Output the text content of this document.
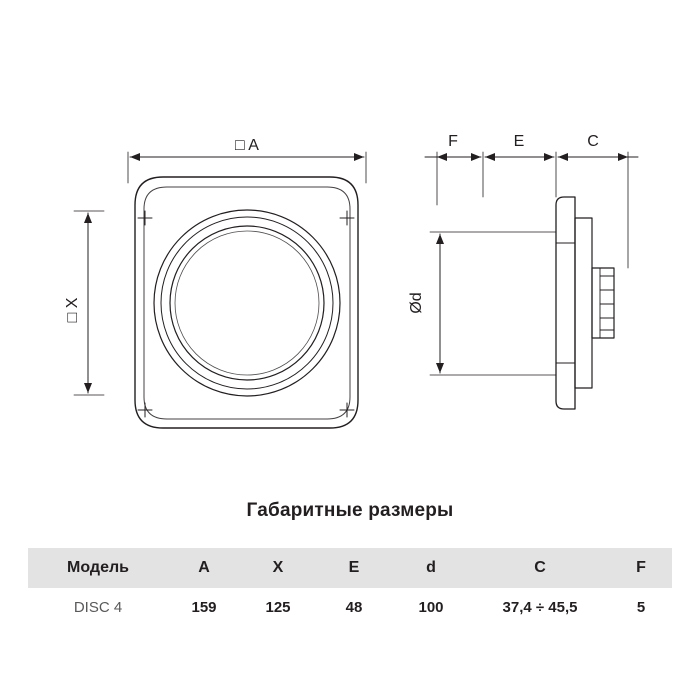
□ A
□ X
F	E	C
Ød
Габаритные размеры
Модель	A	X	E	d	C	F
DISC 4	159	125	48	100	37,4 ÷ 45,5	5
